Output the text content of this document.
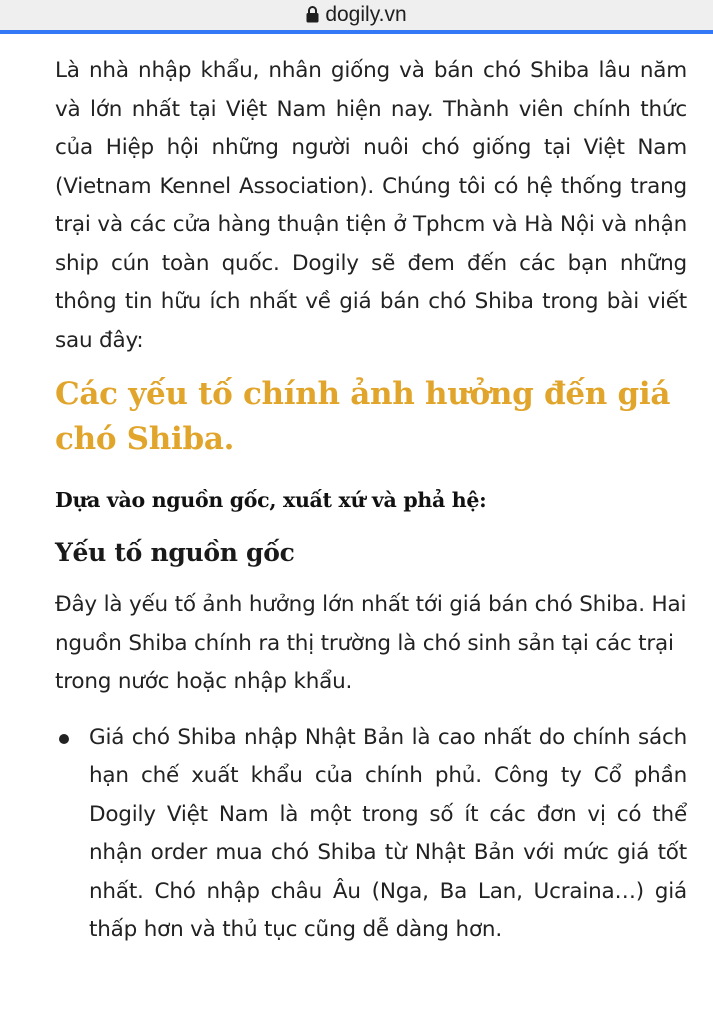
dogily.vn

Là nhà nhập khẩu, nhân giống và bán chó Shiba lâu năm và lớn nhất tại Việt Nam hiện nay. Thành viên chính thức của Hiệp hội những người nuôi chó giống tại Việt Nam (Vietnam Kennel Association). Chúng tôi có hệ thống trang trại và các cửa hàng thuận tiện ở Tphcm và Hà Nội và nhận ship cún toàn quốc. Dogily sẽ đem đến các bạn những thông tin hữu ích nhất về giá bán chó Shiba trong bài viết sau đây:

Các yếu tố chính ảnh hưởng đến giá chó Shiba.

Dựa vào nguồn gốc, xuất xứ và phả hệ:

Yếu tố nguồn gốc

Đây là yếu tố ảnh hưởng lớn nhất tới giá bán chó Shiba. Hai nguồn Shiba chính ra thị trường là chó sinh sản tại các trại trong nước hoặc nhập khẩu.

Giá chó Shiba nhập Nhật Bản là cao nhất do chính sách hạn chế xuất khẩu của chính phủ. Công ty Cổ phần Dogily Việt Nam là một trong số ít các đơn vị có thể nhận order mua chó Shiba từ Nhật Bản với mức giá tốt nhất. Chó nhập châu Âu (Nga, Ba Lan, Ucraina…) giá thấp hơn và thủ tục cũng dễ dàng hơn.
